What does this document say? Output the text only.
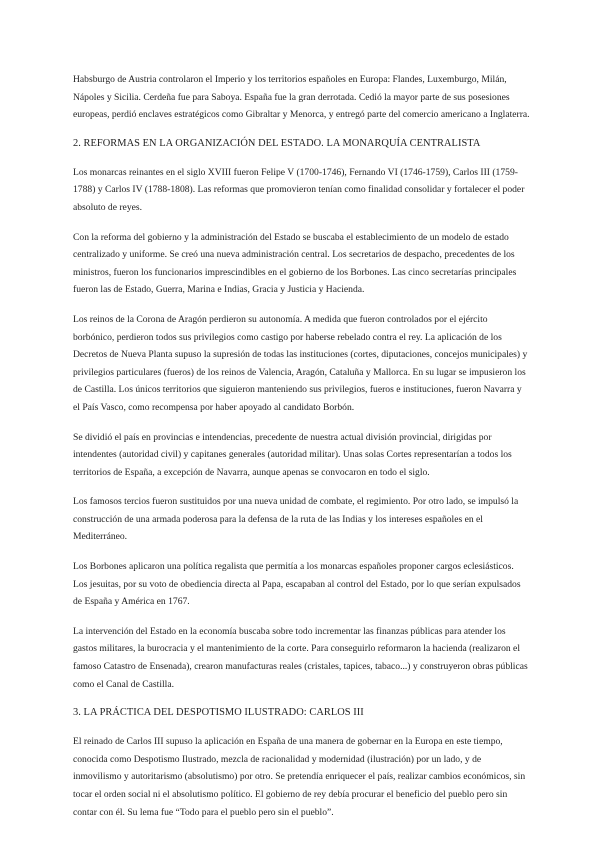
Habsburgo de Austria controlaron el Imperio y los territorios españoles en Europa: Flandes, Luxemburgo, Milán, Nápoles y Sicilia. Cerdeña fue para Saboya. España fue la gran derrotada. Cedió la mayor parte de sus posesiones europeas, perdió enclaves estratégicos como Gibraltar y Menorca, y entregó parte del comercio americano a Inglaterra.

2. REFORMAS EN LA ORGANIZACIÓN DEL ESTADO. LA MONARQUÍA CENTRALISTA

Los monarcas reinantes en el siglo XVIII fueron Felipe V (1700-1746), Fernando VI (1746-1759), Carlos III (1759-1788) y Carlos IV (1788-1808). Las reformas que promovieron tenían como finalidad consolidar y fortalecer el poder absoluto de reyes.

Con la reforma del gobierno y la administración del Estado se buscaba el establecimiento de un modelo de estado centralizado y uniforme. Se creó una nueva administración central. Los secretarios de despacho, precedentes de los ministros, fueron los funcionarios imprescindibles en el gobierno de los Borbones. Las cinco secretarías principales fueron las de Estado, Guerra, Marina e Indias, Gracia y Justicia y Hacienda.

Los reinos de la Corona de Aragón perdieron su autonomía. A medida que fueron controlados por el ejército borbónico, perdieron todos sus privilegios como castigo por haberse rebelado contra el rey. La aplicación de los Decretos de Nueva Planta supuso la supresión de todas las instituciones (cortes, diputaciones, concejos municipales) y privilegios particulares (fueros) de los reinos de Valencia, Aragón, Cataluña y Mallorca. En su lugar se impusieron los de Castilla. Los únicos territorios que siguieron manteniendo sus privilegios, fueros e instituciones, fueron Navarra y el País Vasco, como recompensa por haber apoyado al candidato Borbón.

Se dividió el país en provincias e intendencias, precedente de nuestra actual división provincial, dirigidas por intendentes (autoridad civil) y capitanes generales (autoridad militar). Unas solas Cortes representarían a todos los territorios de España, a excepción de Navarra, aunque apenas se convocaron en todo el siglo.

Los famosos tercios fueron sustituidos por una nueva unidad de combate, el regimiento. Por otro lado, se impulsó la construcción de una armada poderosa para la defensa de la ruta de las Indias y los intereses españoles en el Mediterráneo.

Los Borbones aplicaron una política regalista que permitía a los monarcas españoles proponer cargos eclesiásticos. Los jesuitas, por su voto de obediencia directa al Papa, escapaban al control del Estado, por lo que serían expulsados de España y América en 1767.

La intervención del Estado en la economía buscaba sobre todo incrementar las finanzas públicas para atender los gastos militares, la burocracia y el mantenimiento de la corte. Para conseguirlo reformaron la hacienda (realizaron el famoso Catastro de Ensenada), crearon manufacturas reales (cristales, tapices, tabaco...) y construyeron obras públicas como el Canal de Castilla.

3. LA PRÁCTICA DEL DESPOTISMO ILUSTRADO: CARLOS III

El reinado de Carlos III supuso la aplicación en España de una manera de gobernar en la Europa en este tiempo, conocida como Despotismo Ilustrado, mezcla de racionalidad y modernidad (ilustración) por un lado, y de inmovilismo y autoritarismo (absolutismo) por otro. Se pretendía enriquecer el país, realizar cambios económicos, sin tocar el orden social ni el absolutismo político. El gobierno de rey debía procurar el beneficio del pueblo pero sin contar con él. Su lema fue “Todo para el pueblo pero sin el pueblo”.
